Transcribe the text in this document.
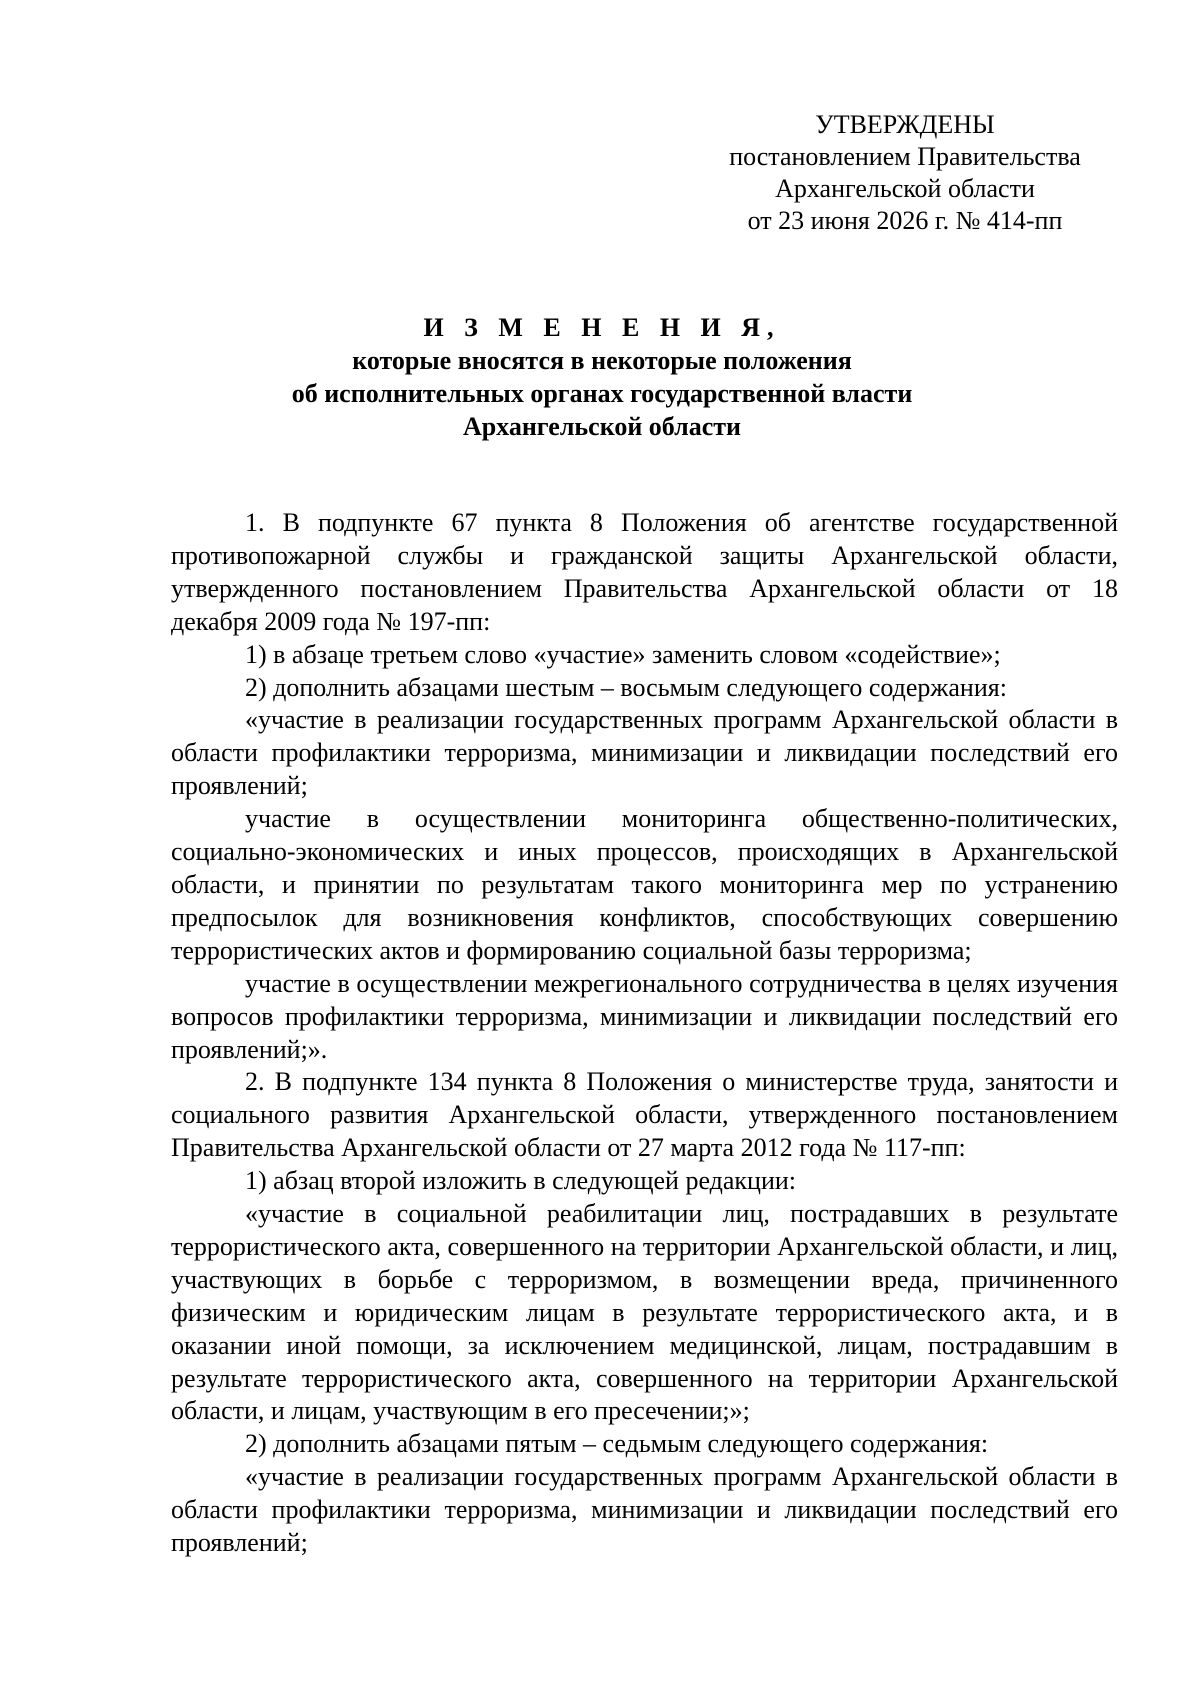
УТВЕРЖДЕНЫ
постановлением Правительства
Архангельской области
от 23 июня 2026 г. № 414-пп
И З М Е Н Е Н И Я,
которые вносятся в некоторые положения
об исполнительных органах государственной власти
Архангельской области

1. В подпункте 67 пункта 8 Положения об агентстве государственной противопожарной службы и гражданской защиты Архангельской области, утвержденного постановлением Правительства Архангельской области от 18 декабря 2009 года № 197-пп:

1) в абзаце третьем слово «участие» заменить словом «содействие»;

2) дополнить абзацами шестым – восьмым следующего содержания:

«участие в реализации государственных программ Архангельской области в области профилактики терроризма, минимизации и ликвидации последствий его проявлений;

участие в осуществлении мониторинга общественно-политических, социально-экономических и иных процессов, происходящих в Архангельской области, и принятии по результатам такого мониторинга мер по устранению предпосылок для возникновения конфликтов, способствующих совершению террористических актов и формированию социальной базы терроризма;

участие в осуществлении межрегионального сотрудничества в целях изучения вопросов профилактики терроризма, минимизации и ликвидации последствий его проявлений;».

2. В подпункте 134 пункта 8 Положения о министерстве труда, занятости и социального развития Архангельской области, утвержденного постановлением Правительства Архангельской области от 27 марта 2012 года № 117-пп:

1) абзац второй изложить в следующей редакции:

«участие в социальной реабилитации лиц, пострадавших в результате террористического акта, совершенного на территории Архангельской области, и лиц, участвующих в борьбе с терроризмом, в возмещении вреда, причиненного физическим и юридическим лицам в результате террористического акта, и в оказании иной помощи, за исключением медицинской, лицам, пострадавшим в результате террористического акта, совершенного на территории Архангельской области, и лицам, участвующим в его пресечении;»;

2) дополнить абзацами пятым – седьмым следующего содержания:

«участие в реализации государственных программ Архангельской области в области профилактики терроризма, минимизации и ликвидации последствий его проявлений;
